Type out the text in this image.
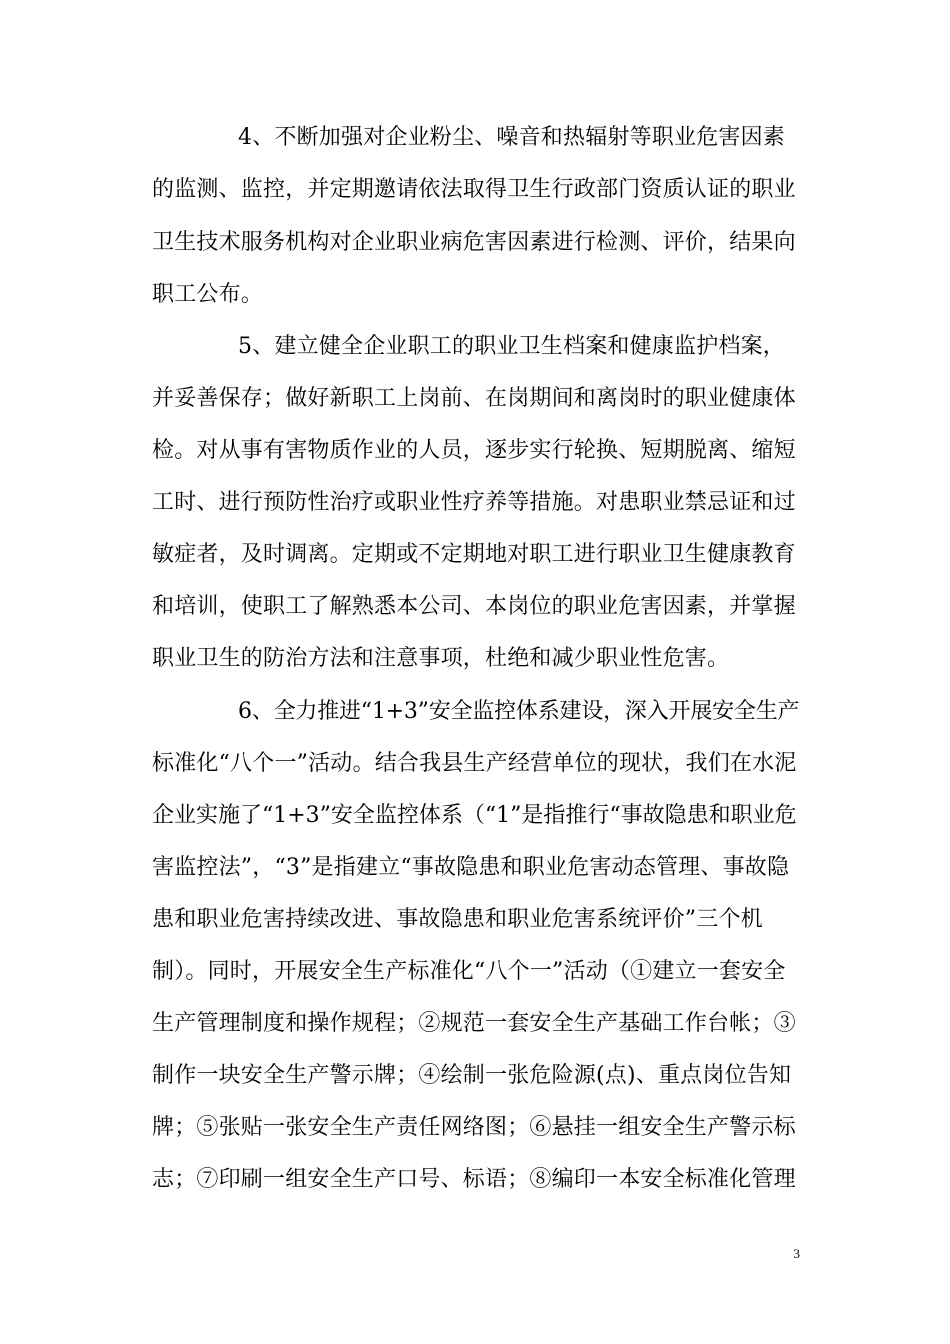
4、不断加强对企业粉尘、噪音和热辐射等职业危害因素
的监测、监控，并定期邀请依法取得卫生行政部门资质认证的职业
卫生技术服务机构对企业职业病危害因素进行检测、评价，结果向
职工公布。
5、建立健全企业职工的职业卫生档案和健康监护档案，
并妥善保存；做好新职工上岗前、在岗期间和离岗时的职业健康体
检。对从事有害物质作业的人员，逐步实行轮换、短期脱离、缩短
工时、进行预防性治疗或职业性疗养等措施。对患职业禁忌证和过
敏症者，及时调离。定期或不定期地对职工进行职业卫生健康教育
和培训，使职工了解熟悉本公司、本岗位的职业危害因素，并掌握
职业卫生的防治方法和注意事项，杜绝和减少职业性危害。
6、全力推进“1+3”安全监控体系建设，深入开展安全生产
标准化“八个一”活动。结合我县生产经营单位的现状，我们在水泥
企业实施了“1+3”安全监控体系（“1”是指推行“事故隐患和职业危
害监控法”，“3”是指建立“事故隐患和职业危害动态管理、事故隐
患和职业危害持续改进、事故隐患和职业危害系统评价”三个机
制）。同时，开展安全生产标准化“八个一”活动（①建立一套安全
生产管理制度和操作规程；②规范一套安全生产基础工作台帐；③
制作一块安全生产警示牌；④绘制一张危险源(点)、重点岗位告知
牌；⑤张贴一张安全生产责任网络图；⑥悬挂一组安全生产警示标
志；⑦印刷一组安全生产口号、标语；⑧编印一本安全标准化管理
3
